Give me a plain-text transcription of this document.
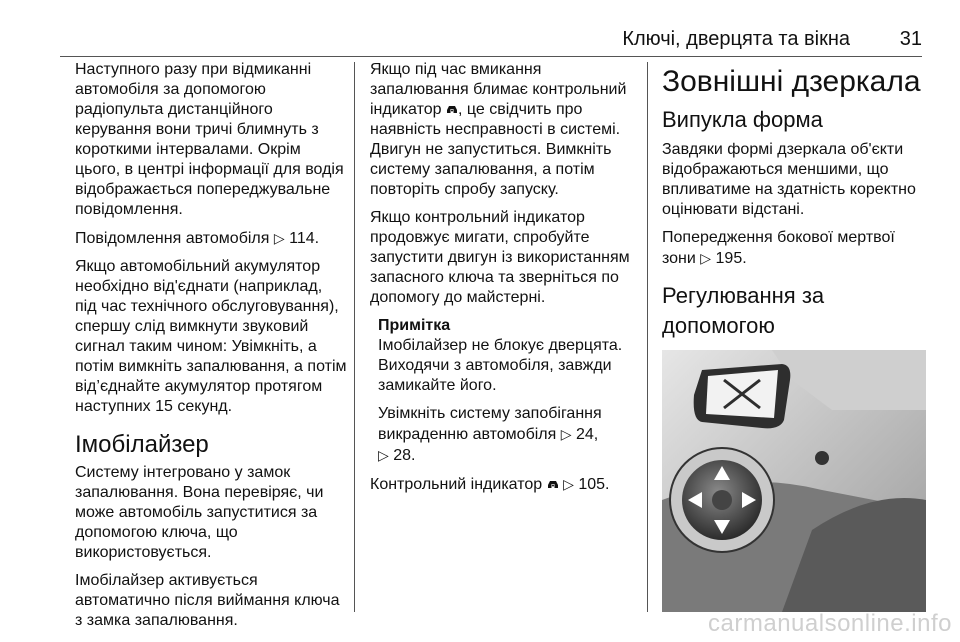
Ключі, дверцята та вікна 31

Наступного разу при відмиканні автомобіля за допомогою радіопульта дистанційного керування вони тричі блимнуть з короткими інтервалами. Окрім цього, в центрі інформації для водія відображається попереджувальне повідомлення.

Повідомлення автомобіля ▷ 114.

Якщо автомобільний акумулятор необхідно від'єднати (наприклад, під час технічного обслуговування), спершу слід вимкнути звуковий сигнал таким чином: Увімкніть, а потім вимкніть запалювання, а потім від’єднайте акумулятор протягом наступних 15 секунд.

Імобілайзер

Систему інтегровано у замок запалювання. Вона перевіряє, чи може автомобіль запуститися за допомогою ключа, що використовується.

Імобілайзер активується автоматично після виймання ключа з замка запалювання.

Якщо під час вмикання запалювання блимає контрольний індикатор , це свідчить про наявність несправності в системі. Двигун не запуститься. Вимкніть систему запалювання, а потім повторіть спробу запуску.

Якщо контрольний індикатор продовжує мигати, спробуйте запустити двигун із використанням запасного ключа та зверніться по допомогу до майстерні.

Примітка

Імобілайзер не блокує дверцята. Виходячи з автомобіля, завжди замикайте його.

Увімкніть систему запобігання викраденню автомобіля ▷ 24,
▷ 28.

Контрольний індикатор ▷ 105.

Зовнішні дзеркала
Випукла форма

Завдяки формі дзеркала об'єкти відображаються меншими, що впливатиме на здатність коректно оцінювати відстані.

Попередження бокової мертвої зони ▷ 195.

Регулювання за
допомогою

carmanualsonline.info
